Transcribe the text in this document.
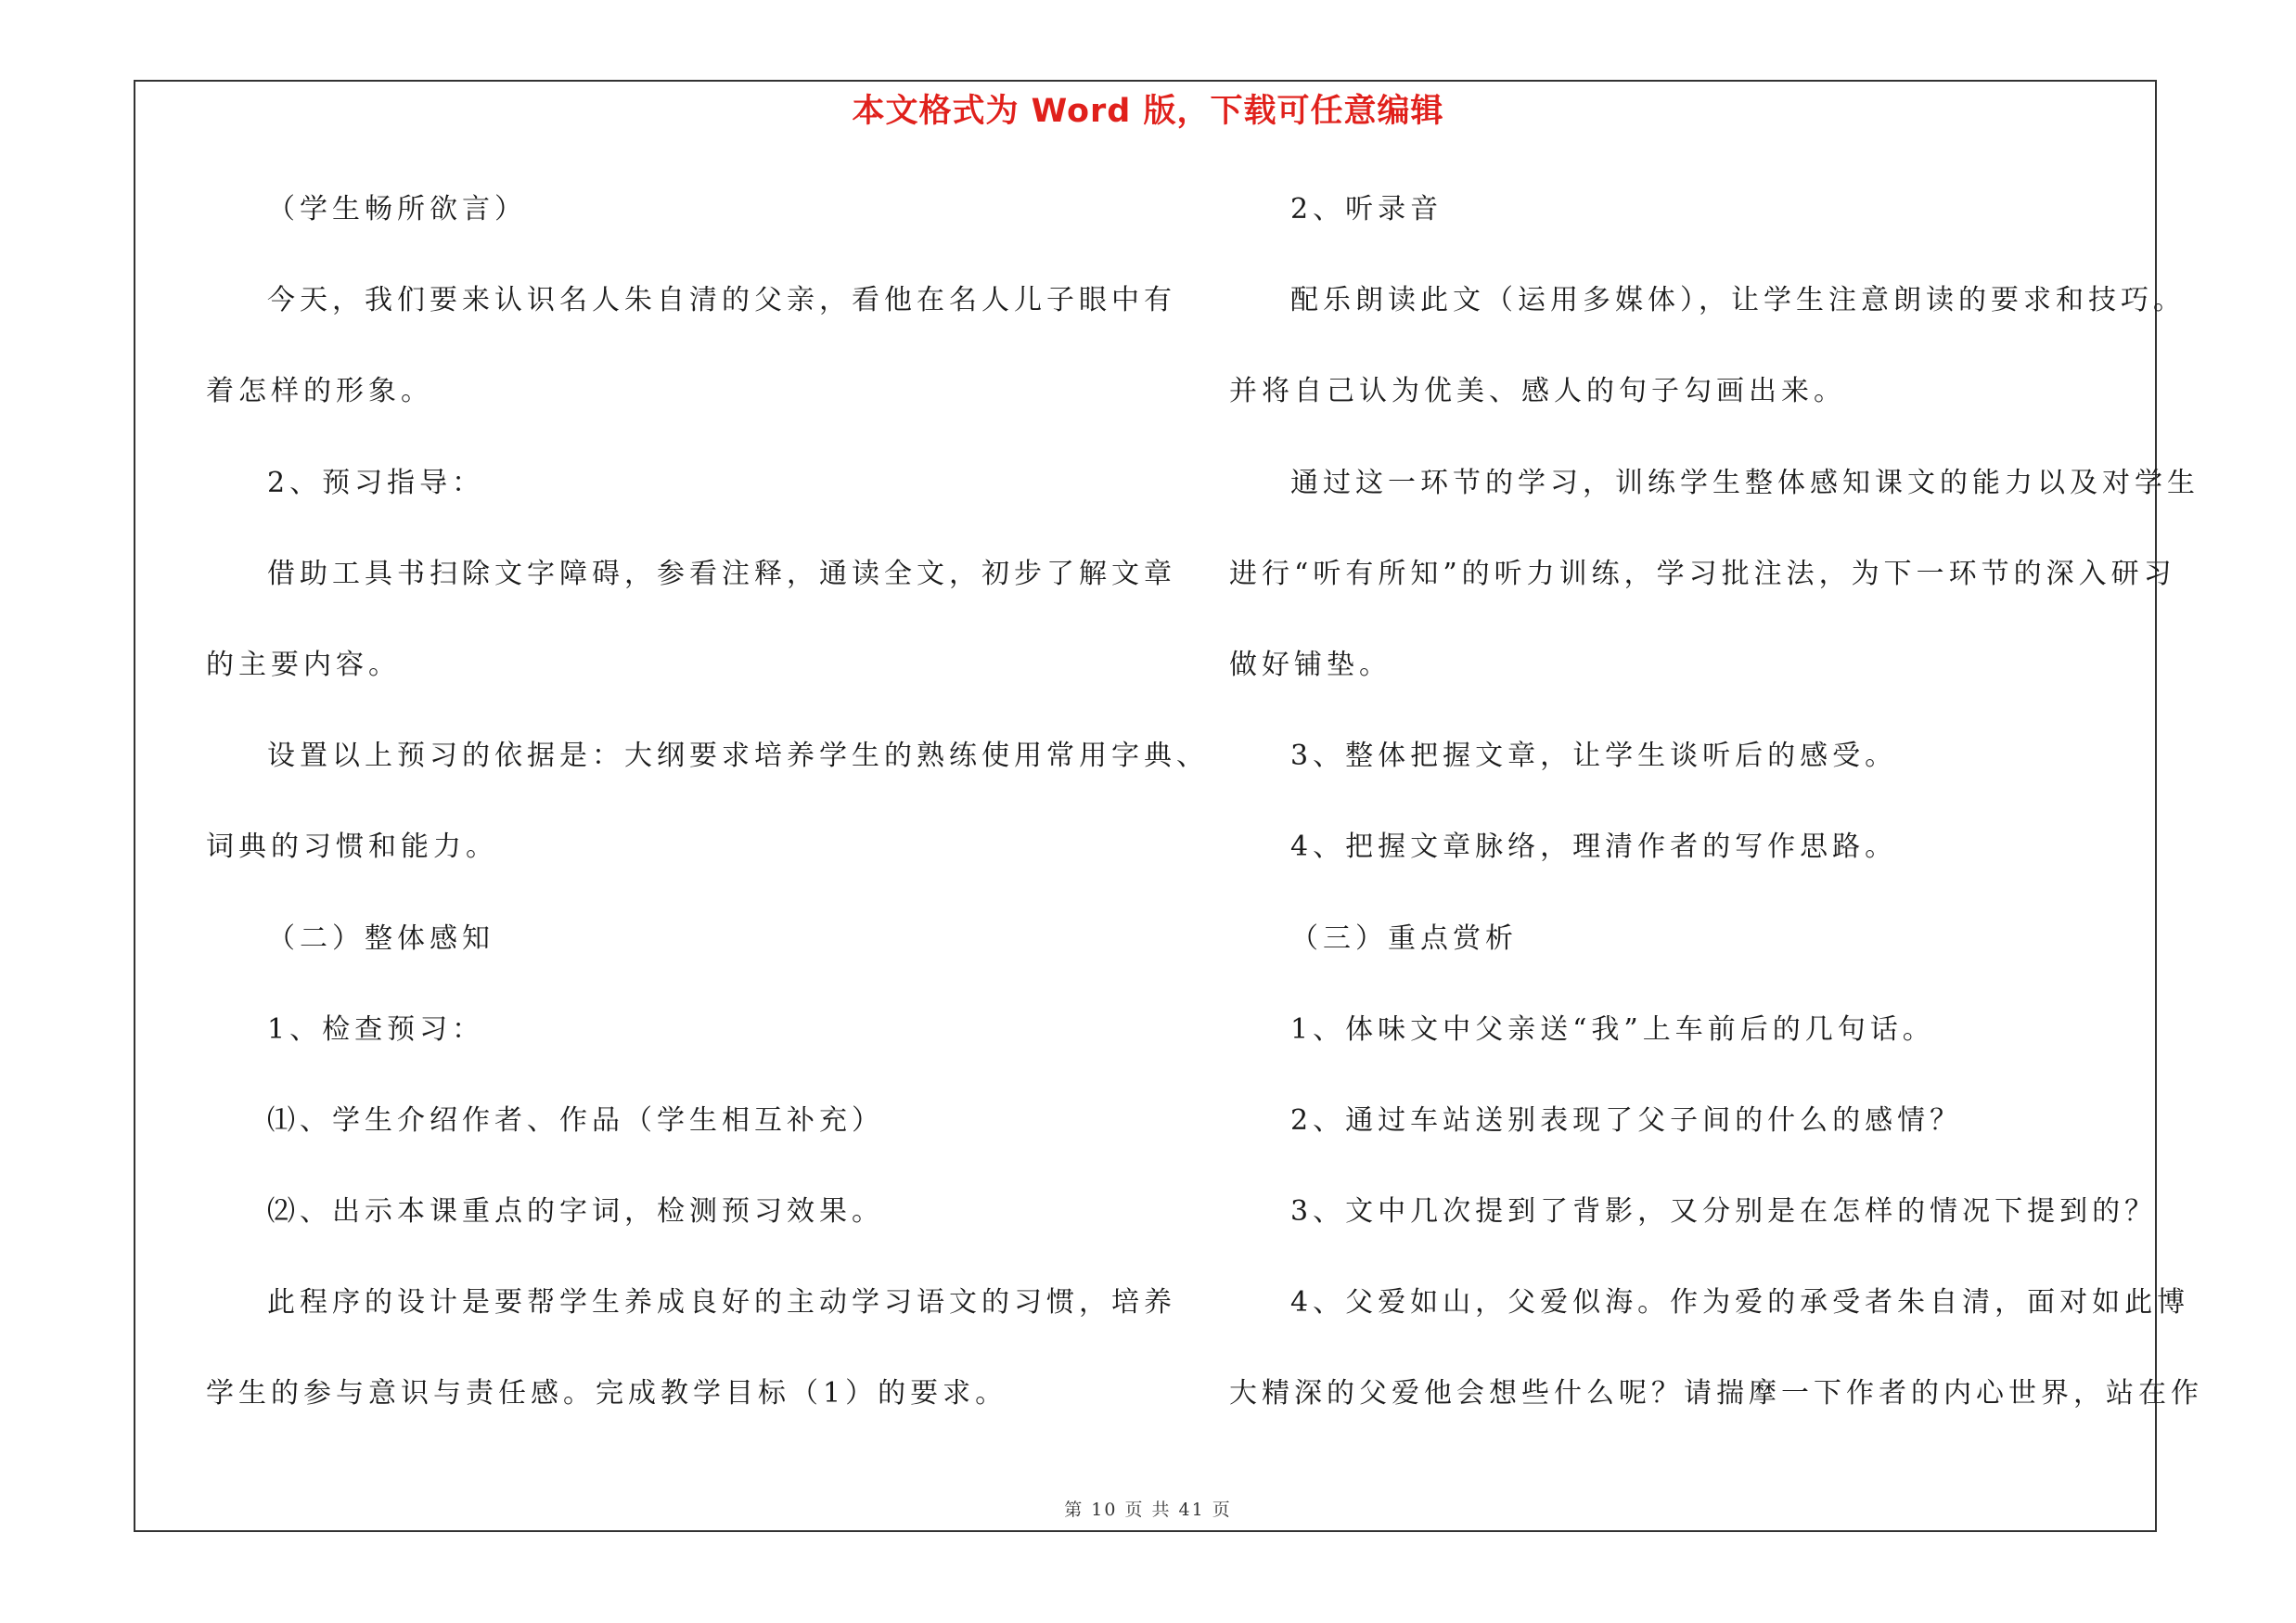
本文格式为 Word 版，下载可任意编辑
（学生畅所欲言）
今天，我们要来认识名人朱自清的父亲，看他在名人儿子眼中有
着怎样的形象。
2、预习指导：
借助工具书扫除文字障碍，参看注释，通读全文，初步了解文章
的主要内容。
设置以上预习的依据是：大纲要求培养学生的熟练使用常用字典、
词典的习惯和能力。
（二）整体感知
1、检查预习：
⑴、学生介绍作者、作品（学生相互补充）
⑵、出示本课重点的字词，检测预习效果。
此程序的设计是要帮学生养成良好的主动学习语文的习惯，培养
学生的参与意识与责任感。完成教学目标（1）的要求。
2、听录音
配乐朗读此文（运用多媒体），让学生注意朗读的要求和技巧。
并将自己认为优美、感人的句子勾画出来。
通过这一环节的学习，训练学生整体感知课文的能力以及对学生
进行“听有所知”的听力训练，学习批注法，为下一环节的深入研习
做好铺垫。
3、整体把握文章，让学生谈听后的感受。
4、把握文章脉络，理清作者的写作思路。
（三）重点赏析
1、体味文中父亲送“我”上车前后的几句话。
2、通过车站送别表现了父子间的什么的感情？
3、文中几次提到了背影，又分别是在怎样的情况下提到的？
4、父爱如山，父爱似海。作为爱的承受者朱自清，面对如此博
大精深的父爱他会想些什么呢？请揣摩一下作者的内心世界，站在作
第 10 页 共 41 页
